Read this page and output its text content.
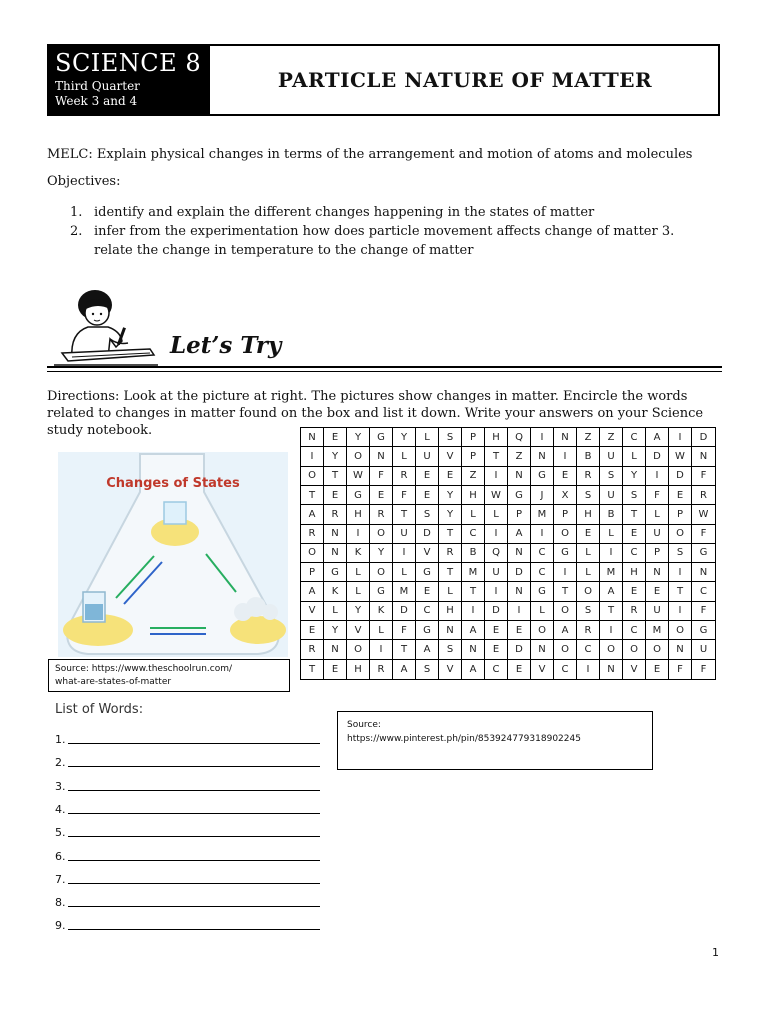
SCIENCE 8
Third Quarter
Week 3 and 4
PARTICLE NATURE OF MATTER
MELC: Explain physical changes in terms of the arrangement and motion of atoms and molecules
Objectives:
1. identify and explain the different changes happening in the states of matter
2. infer from the experimentation how does particle movement affects change of matter 3.
relate the change in temperature to the change of matter
Let’s Try
Directions: Look at the picture at right. The pictures show changes in matter. Encircle the words related to changes in matter found on the box and list it down. Write your answers on your Science study notebook.	N	E	Y	G	Y	L	S	P	H	Q	I	N	Z	Z	C	A	I	D
I	Y	O	N	L	U	V	P	T	Z	N	I	B	U	L	D	W	N
O	T	W	F	R	E	E	Z	I	N	G	E	R	S	Y	I	D	F
T	E	G	E	F	E	Y	H	W	G	J	X	S	U	S	F	E	R
A	R	H	R	T	S	Y	L	L	P	M	P	H	B	T	L	P	W
R	N	I	O	U	D	T	C	I	A	I	O	E	L	E	U	O	F
O	N	K	Y	I	V	R	B	Q	N	C	G	L	I	C	P	S	G
P	G	L	O	L	G	T	M	U	D	C	I	L	M	H	N	I	N
A	K	L	G	M	E	L	T	I	N	G	T	O	A	E	E	T	C
V	L	Y	K	D	C	H	I	D	I	L	O	S	T	R	U	I	F
E	Y	V	L	F	G	N	A	E	E	O	A	R	I	C	M	O	G
R	N	O	I	T	A	S	N	E	D	N	O	C	O	O	O	N	U
T	E	H	R	A	S	V	A	C	E	V	C	I	N	V	E	F	F
Changes of States
Source: https://www.theschoolrun.com/
what-are-states-of-matter
Source:
https://www.pinterest.ph/pin/853924779318902245
List of Words:
1.
2.
3.
4.
5.
6.
7.
8.
9.
1
